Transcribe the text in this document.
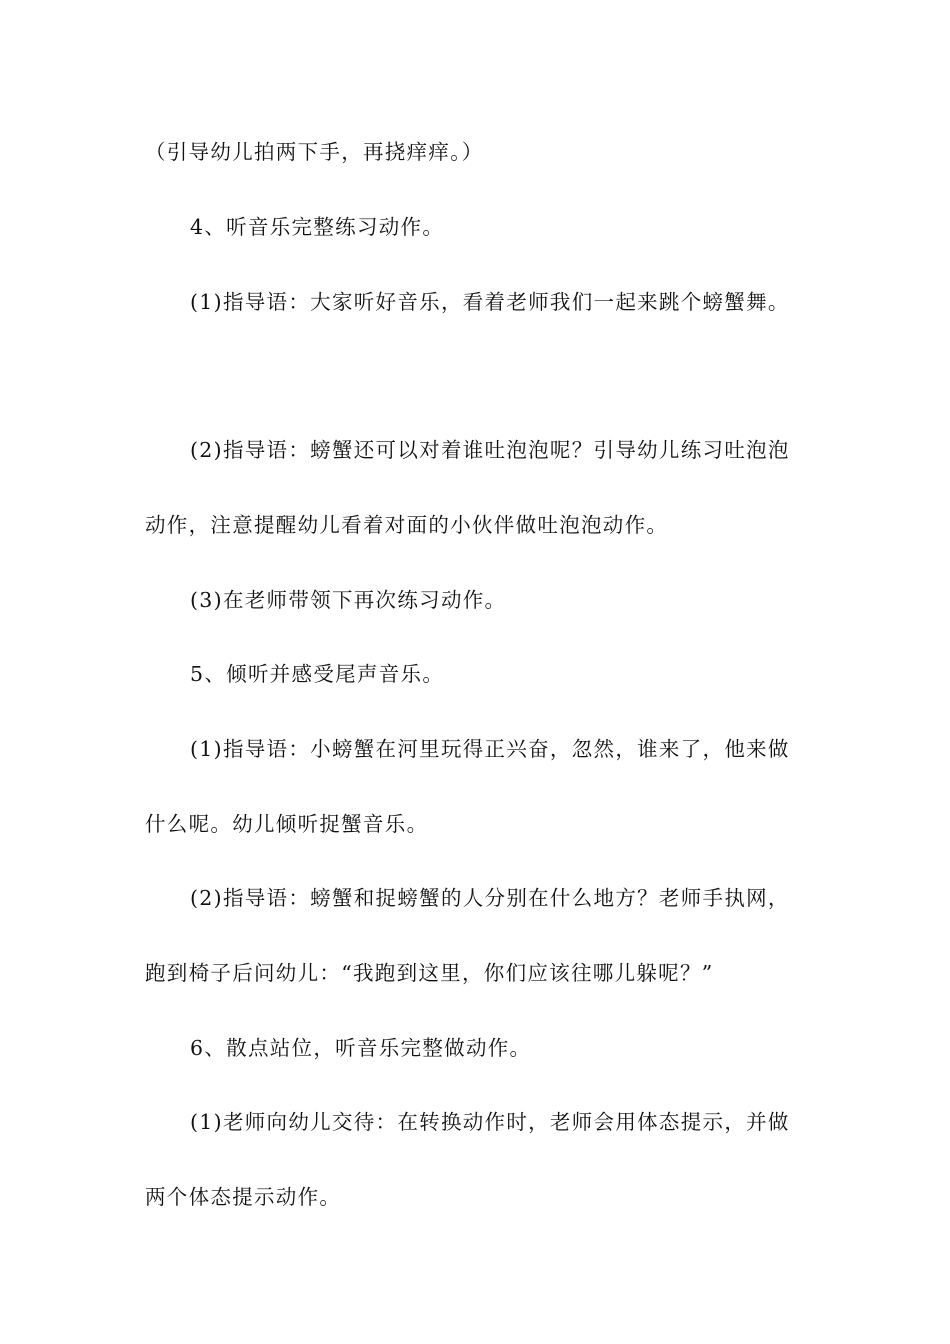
（引导幼儿拍两下手，再挠痒痒。）
4、听音乐完整练习动作。
(1)指导语：大家听好音乐，看着老师我们一起来跳个螃蟹舞。
(2)指导语：螃蟹还可以对着谁吐泡泡呢？引导幼儿练习吐泡泡
动作，注意提醒幼儿看着对面的小伙伴做吐泡泡动作。
(3)在老师带领下再次练习动作。
5、倾听并感受尾声音乐。
(1)指导语：小螃蟹在河里玩得正兴奋，忽然，谁来了，他来做
什么呢。幼儿倾听捉蟹音乐。
(2)指导语：螃蟹和捉螃蟹的人分别在什么地方？老师手执网，
跑到椅子后问幼儿：“我跑到这里，你们应该往哪儿躲呢？”
6、散点站位，听音乐完整做动作。
(1)老师向幼儿交待：在转换动作时，老师会用体态提示，并做
两个体态提示动作。
